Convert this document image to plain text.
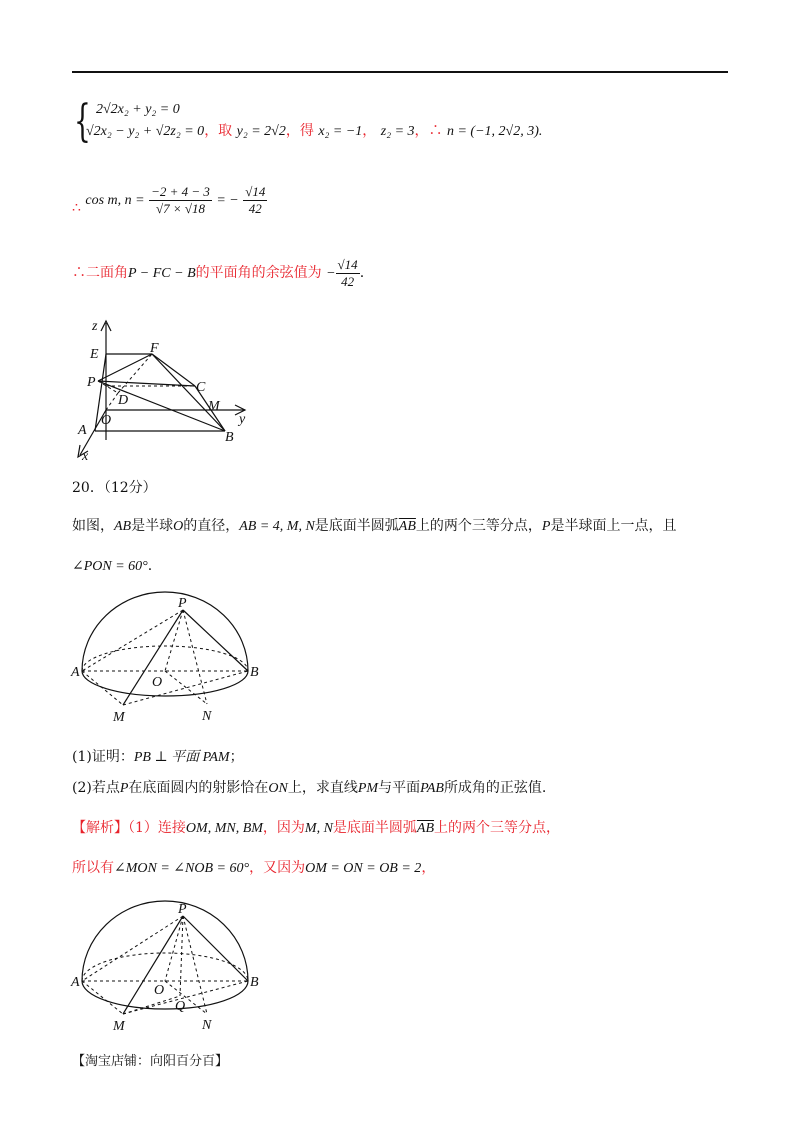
{ 2√2x₂ + y₂ = 0
√2x₂ − y₂ + √2z₂ = 0，取 y₂ = 2√2，得 x₂ = −1， z₂ = 3，∴ n = (−1, 2√2, 3).
∴ cos m, $n = \frac{-2 + 4 - 3}{√7 \times √18}$ = − $\frac{√14}{42}$
∴二面角P − FC − B的平面角的余弦值为 − $\frac{√14}{42}$ .
z
E	F
P	C
D	M
O	y
A	B
x
20．（12分）
如图，AB是半球O的直径，AB = 4, M, N是底面半圆弧$\overline{AB}$上的两个三等分点，P是半球面上一点，且
∠PON = 60°.
P
A
O
B
M	N
(1)证明：PB ⊥ 平面 PAM；
(2)若点P在底面圆内的射影恰在ON上，求直线PM与平面PAB所成角的正弦值.
【解析】（1）连接OM, MN, BM，因为M, N是底面半圆弧$\overline{AB}$上的两个三等分点，
所以有∠MON = ∠NOB = 60°，又因为OM = ON = OB = 2，
P
A
O
Q
B
M	N
【淘宝店铺：向阳百分百】
